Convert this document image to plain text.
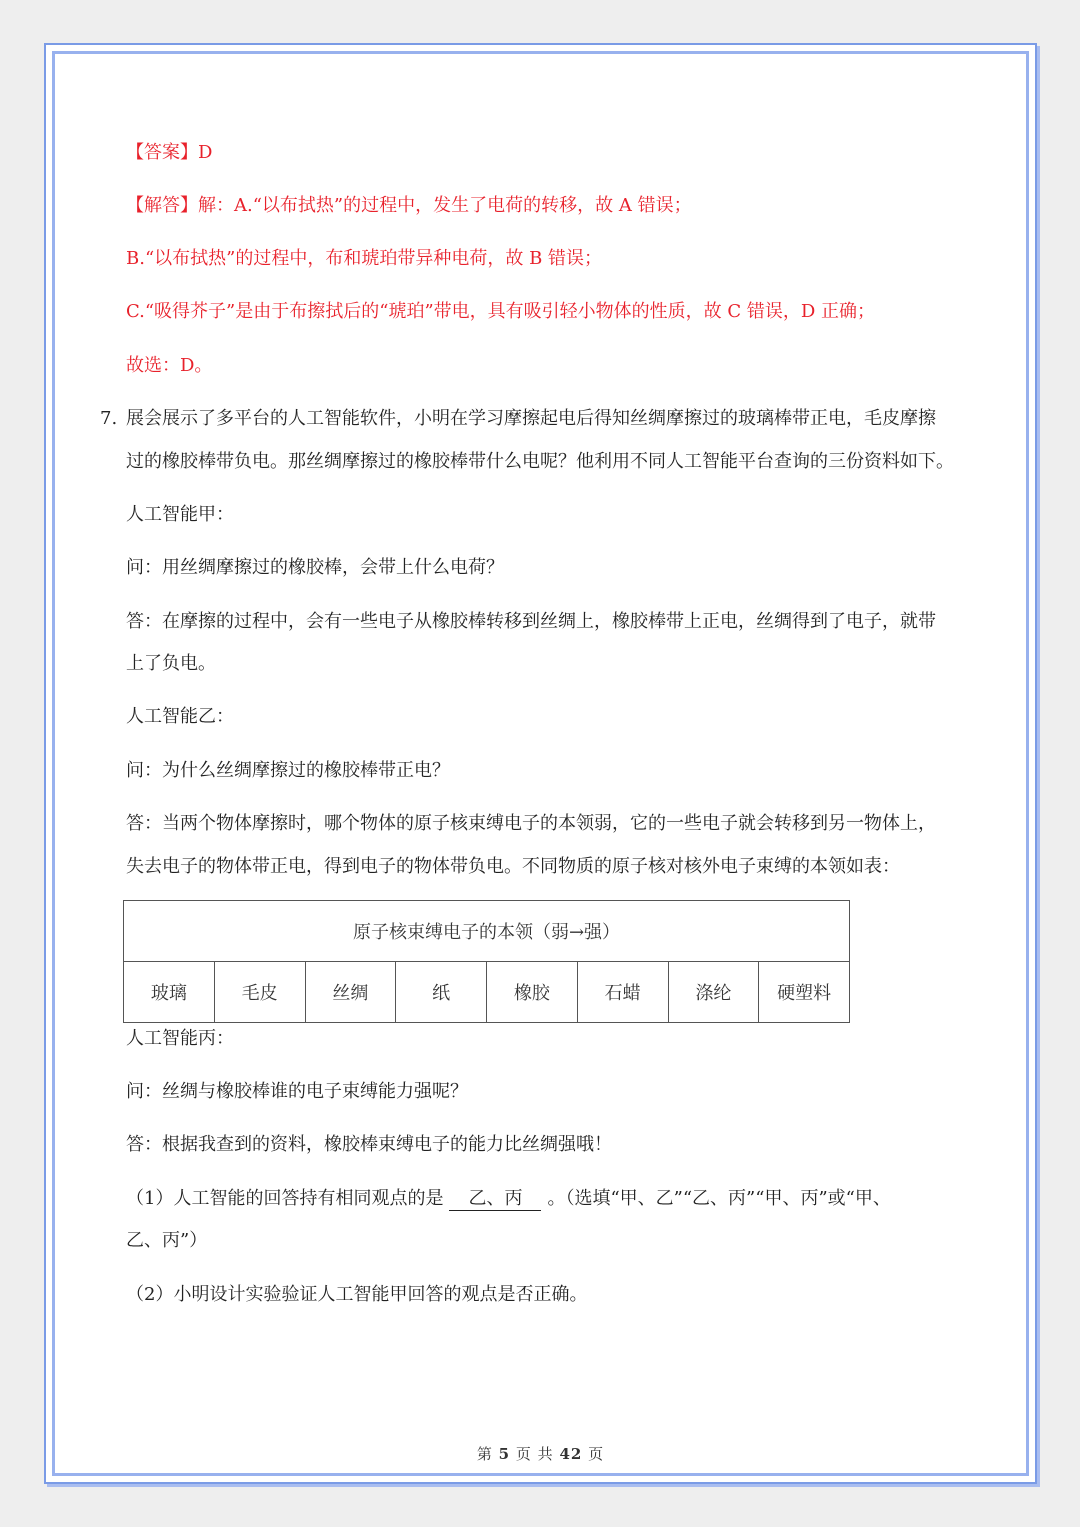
【答案】D
【解答】解：A.“以布拭热”的过程中，发生了电荷的转移，故 A 错误；
B.“以布拭热”的过程中，布和琥珀带异种电荷，故 B 错误；
C.“吸得芥子”是由于布擦拭后的“琥珀”带电，具有吸引轻小物体的性质，故 C 错误，D 正确；
故选：D。
7. 展会展示了多平台的人工智能软件，小明在学习摩擦起电后得知丝绸摩擦过的玻璃棒带正电，毛皮摩擦
过的橡胶棒带负电。那丝绸摩擦过的橡胶棒带什么电呢？他利用不同人工智能平台查询的三份资料如下。
人工智能甲：
问：用丝绸摩擦过的橡胶棒，会带上什么电荷？
答：在摩擦的过程中，会有一些电子从橡胶棒转移到丝绸上，橡胶棒带上正电，丝绸得到了电子，就带
上了负电。
人工智能乙：
问：为什么丝绸摩擦过的橡胶棒带正电？
答：当两个物体摩擦时，哪个物体的原子核束缚电子的本领弱，它的一些电子就会转移到另一物体上，
失去电子的物体带正电，得到电子的物体带负电。不同物质的原子核对核外电子束缚的本领如表：
原子核束缚电子的本领（弱→强）
玻璃	毛皮	丝绸	纸	橡胶	石蜡	涤纶	硬塑料
人工智能丙：
问：丝绸与橡胶棒谁的电子束缚能力强呢？
答：根据我查到的资料，橡胶棒束缚电子的能力比丝绸强哦！
（1）人工智能的回答持有相同观点的是 乙、丙 。（选填“甲、乙”“乙、丙”“甲、丙”或“甲、
乙、丙”）
（2）小明设计实验验证人工智能甲回答的观点是否正确。
第 5 页 共 42 页
